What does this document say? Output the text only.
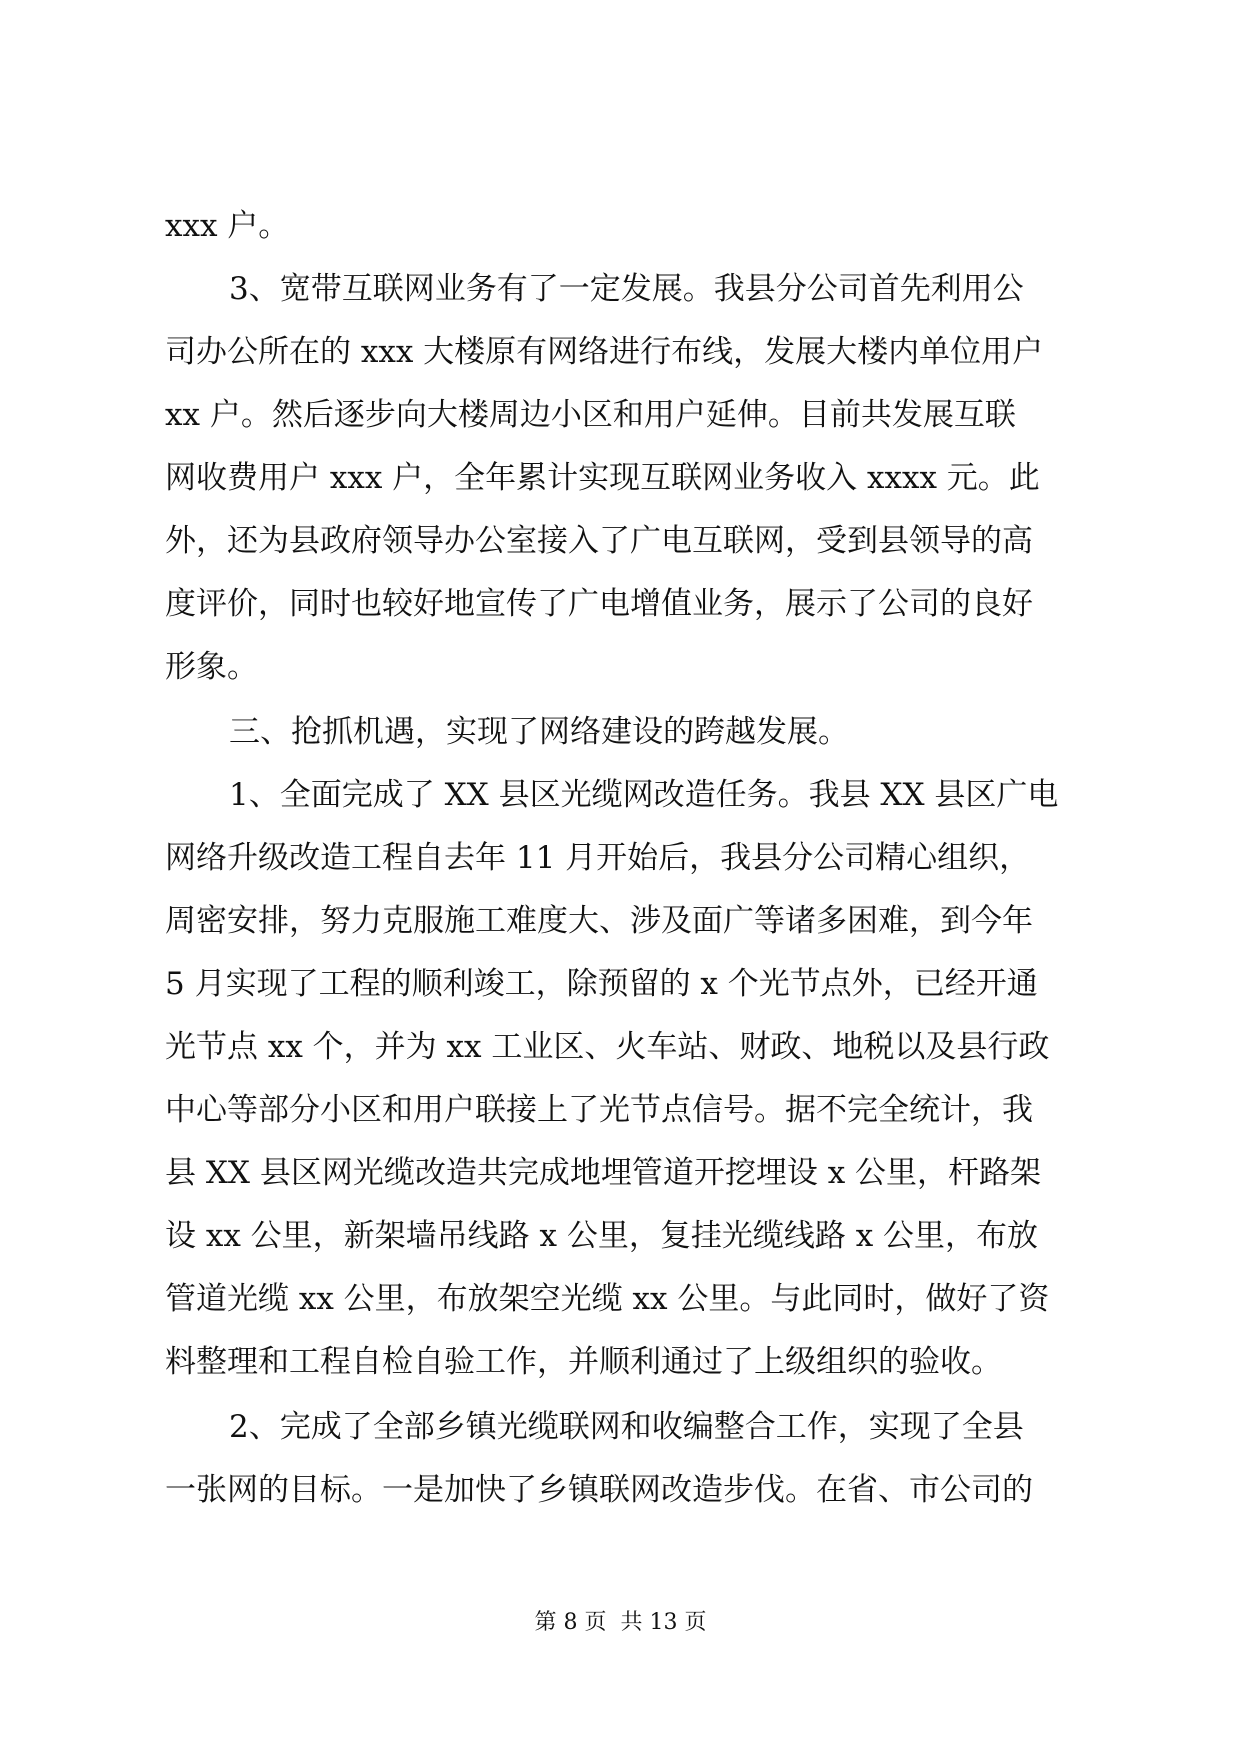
xxx 户。
3、宽带互联网业务有了一定发展。我县分公司首先利用公
司办公所在的 xxx 大楼原有网络进行布线，发展大楼内单位用户
xx 户。然后逐步向大楼周边小区和用户延伸。目前共发展互联
网收费用户 xxx 户，全年累计实现互联网业务收入 xxxx 元。此
外，还为县政府领导办公室接入了广电互联网，受到县领导的高
度评价，同时也较好地宣传了广电增值业务，展示了公司的良好
形象。
三、抢抓机遇，实现了网络建设的跨越发展。
1、全面完成了 XX 县区光缆网改造任务。我县 XX 县区广电
网络升级改造工程自去年 11 月开始后，我县分公司精心组织，
周密安排，努力克服施工难度大、涉及面广等诸多困难，到今年
5 月实现了工程的顺利竣工，除预留的 x 个光节点外，已经开通
光节点 xx 个，并为 xx 工业区、火车站、财政、地税以及县行政
中心等部分小区和用户联接上了光节点信号。据不完全统计，我
县 XX 县区网光缆改造共完成地埋管道开挖埋设 x 公里，杆路架
设 xx 公里，新架墙吊线路 x 公里，复挂光缆线路 x 公里，布放
管道光缆 xx 公里，布放架空光缆 xx 公里。与此同时，做好了资
料整理和工程自检自验工作，并顺利通过了上级组织的验收。
2、完成了全部乡镇光缆联网和收编整合工作，实现了全县
一张网的目标。一是加快了乡镇联网改造步伐。在省、市公司的
第 8 页  共 13 页
